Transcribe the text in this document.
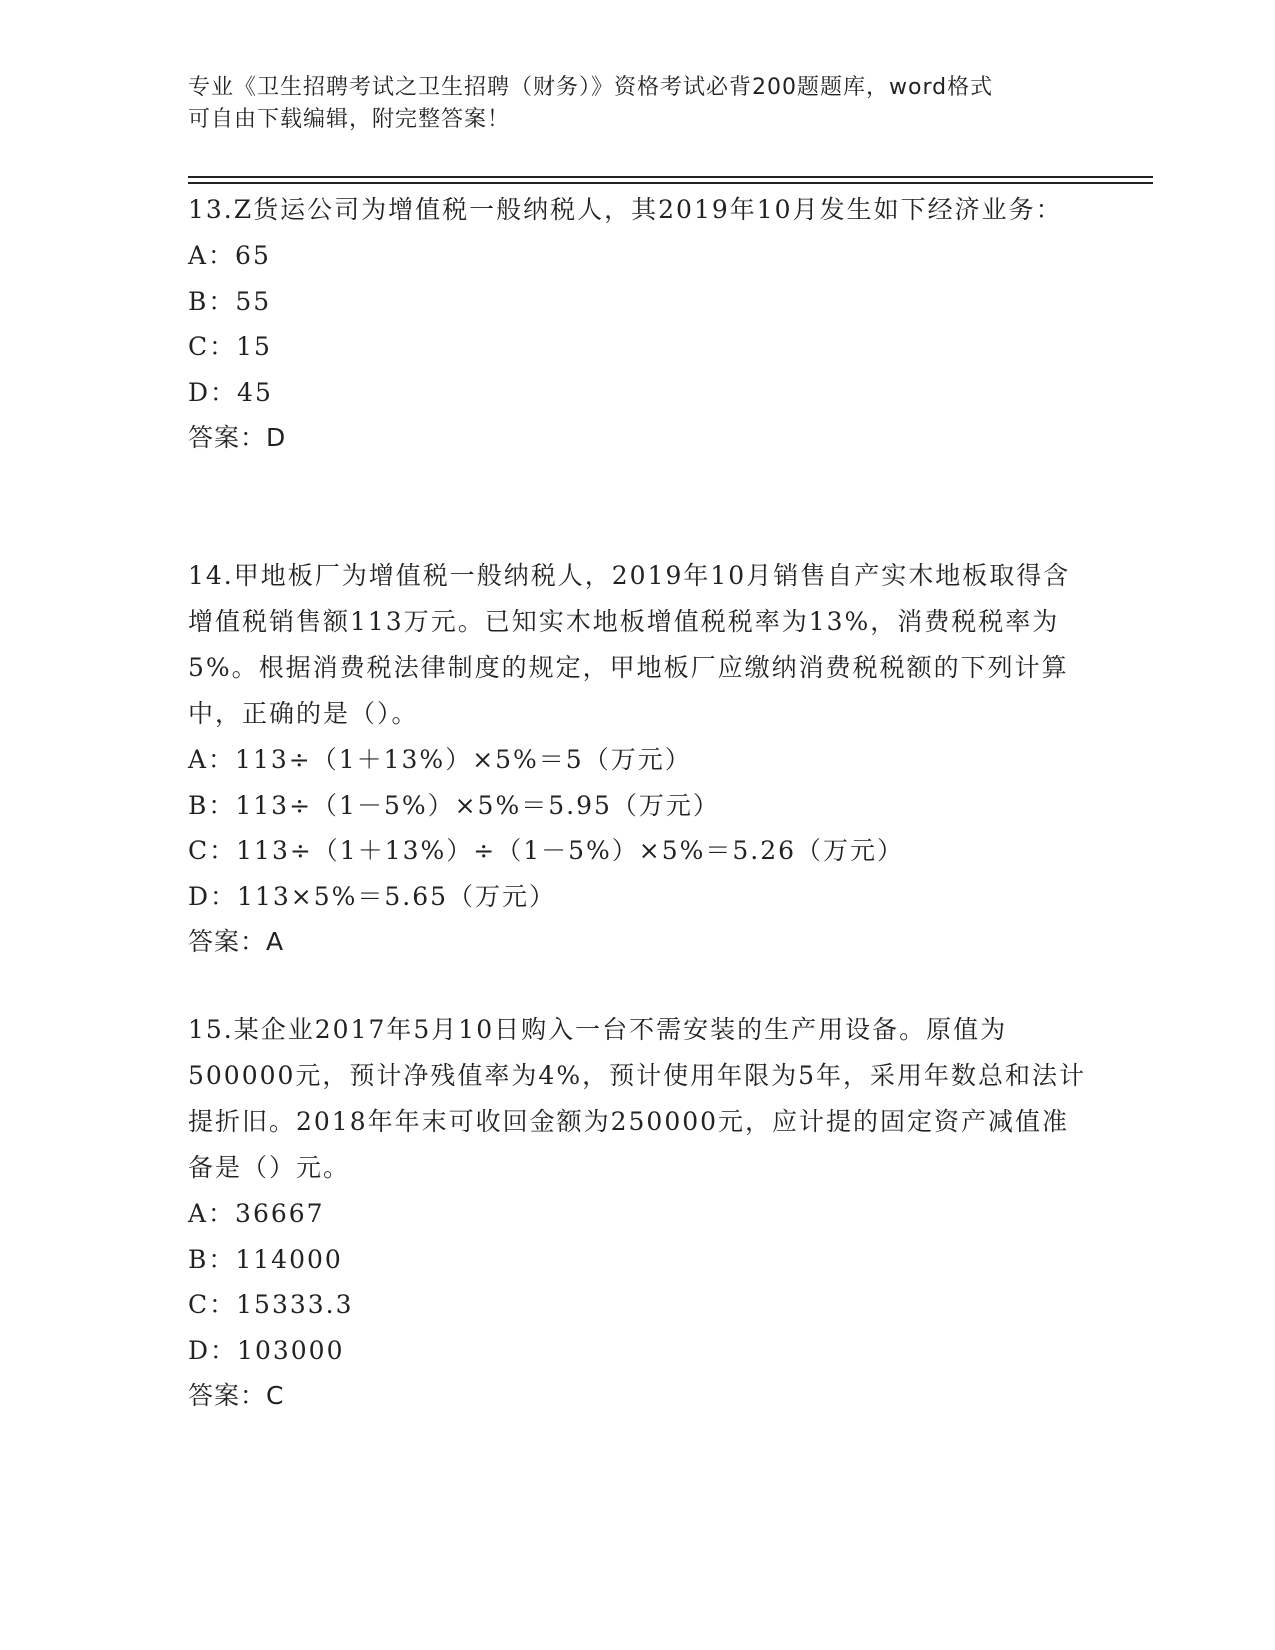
专业《卫生招聘考试之卫生招聘（财务）》资格考试必背200题题库，word格式
可自由下载编辑，附完整答案！

13.Z货运公司为增值税一般纳税人，其2019年10月发生如下经济业务：

A：65

B：55

C：15

D：45

答案：D

14.甲地板厂为增值税一般纳税人，2019年10月销售自产实木地板取得含增值税销售额113万元。已知实木地板增值税税率为13%，消费税税率为5%。根据消费税法律制度的规定，甲地板厂应缴纳消费税税额的下列计算中，正确的是（）。

A：113÷（1＋13%）×5%＝5（万元）

B：113÷（1－5%）×5%＝5.95（万元）

C：113÷（1＋13%）÷（1－5%）×5%＝5.26（万元）

D：113×5%＝5.65（万元）

答案：A

15.某企业2017年5月10日购入一台不需安装的生产用设备。原值为500000元，预计净残值率为4%，预计使用年限为5年，采用年数总和法计提折旧。2018年年末可收回金额为250000元，应计提的固定资产减值准备是（）元。

A：36667

B：114000

C：15333.3

D：103000

答案：C
